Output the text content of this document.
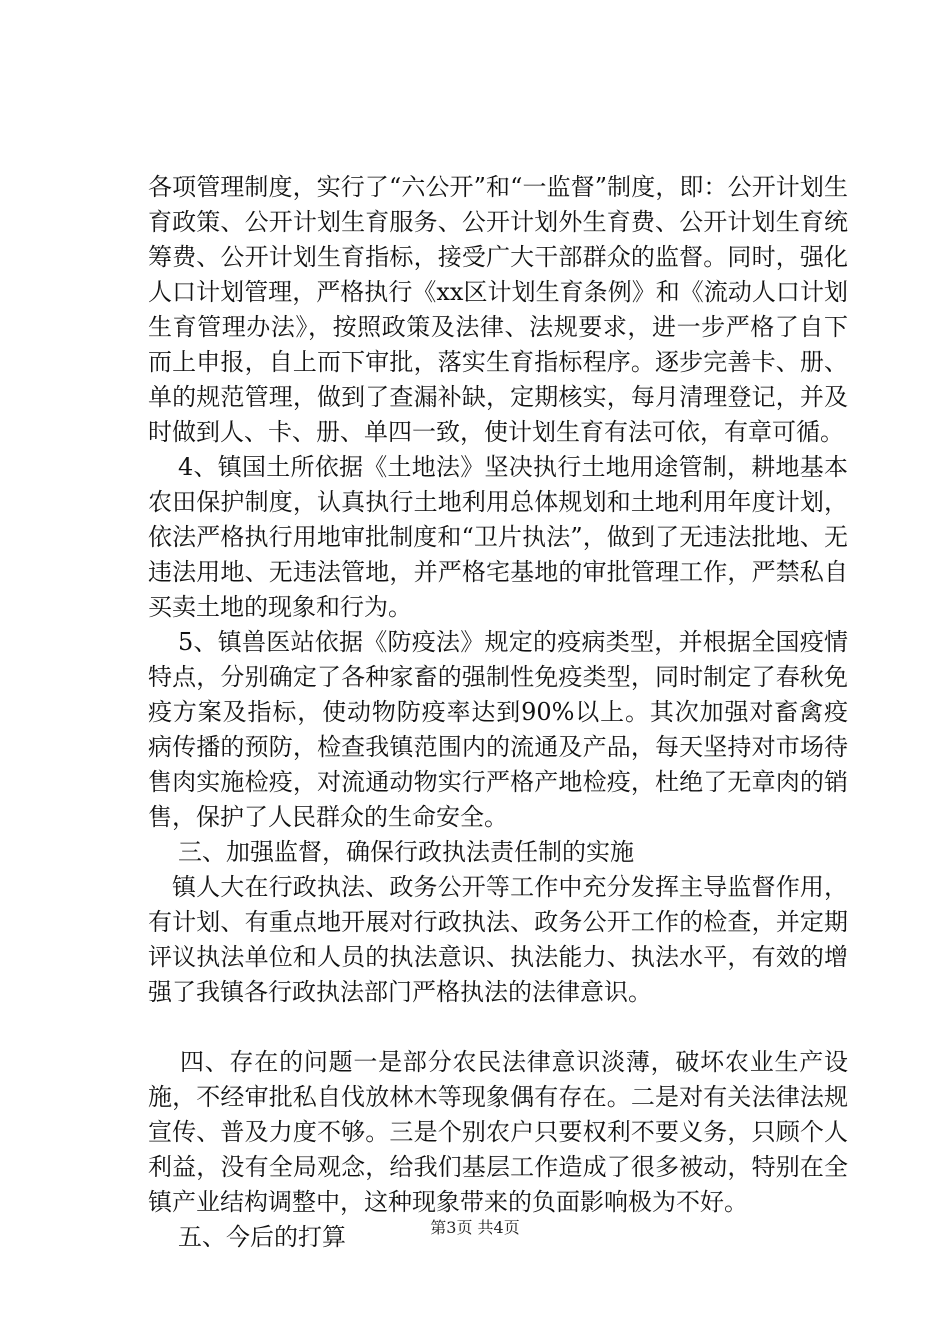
各项管理制度，实行了“六公开”和“一监督”制度，即：公开计划生育政策、公开计划生育服务、公开计划外生育费、公开计划生育统筹费、公开计划生育指标，接受广大干部群众的监督。同时，强化人口计划管理，严格执行《xx区计划生育条例》和《流动人口计划生育管理办法》，按照政策及法律、法规要求，进一步严格了自下而上申报，自上而下审批，落实生育指标程序。逐步完善卡、册、单的规范管理，做到了查漏补缺，定期核实，每月清理登记，并及时做到人、卡、册、单四一致，使计划生育有法可依，有章可循。

4、镇国土所依据《土地法》坚决执行土地用途管制，耕地基本农田保护制度，认真执行土地利用总体规划和土地利用年度计划，依法严格执行用地审批制度和“卫片执法”，做到了无违法批地、无违法用地、无违法管地，并严格宅基地的审批管理工作，严禁私自买卖土地的现象和行为。

5、镇兽医站依据《防疫法》规定的疫病类型，并根据全国疫情特点，分别确定了各种家畜的强制性免疫类型，同时制定了春秋免疫方案及指标，使动物防疫率达到90%以上。其次加强对畜禽疫病传播的预防，检查我镇范围内的流通及产品，每天坚持对市场待售肉实施检疫，对流通动物实行严格产地检疫，杜绝了无章肉的销售，保护了人民群众的生命安全。

三、加强监督，确保行政执法责任制的实施

镇人大在行政执法、政务公开等工作中充分发挥主导监督作用，有计划、有重点地开展对行政执法、政务公开工作的检查，并定期评议执法单位和人员的执法意识、执法能力、执法水平，有效的增强了我镇各行政执法部门严格执法的法律意识。

四、存在的问题一是部分农民法律意识淡薄，破坏农业生产设施，不经审批私自伐放林木等现象偶有存在。二是对有关法律法规宣传、普及力度不够。三是个别农户只要权利不要义务，只顾个人利益，没有全局观念，给我们基层工作造成了很多被动，特别在全镇产业结构调整中，这种现象带来的负面影响极为不好。

五、今后的打算	第3页 共4页
